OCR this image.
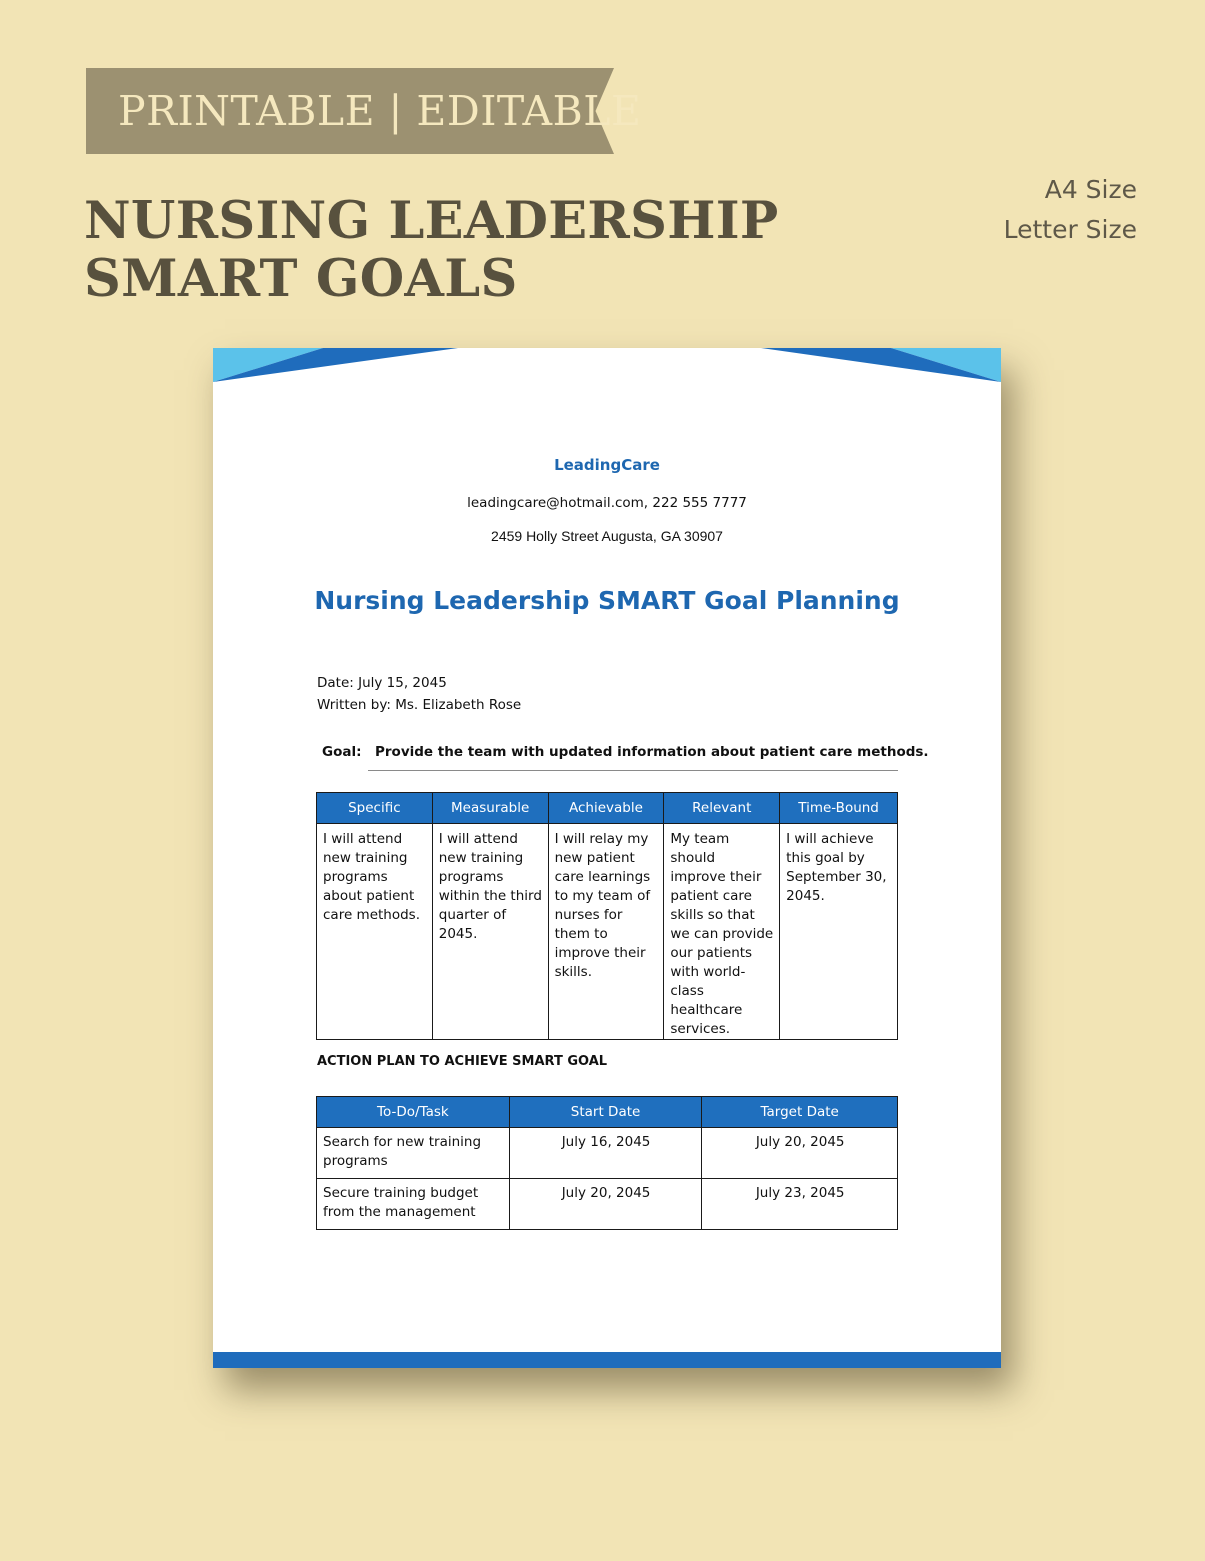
PRINTABLE | EDITABLE
NURSING LEADERSHIP
SMART GOALS
A4 Size
Letter Size
LeadingCare
leadingcare@hotmail.com, 222 555 7777
2459 Holly Street Augusta, GA 30907
Nursing Leadership SMART Goal Planning
Date: July 15, 2045
Written by: Ms. Elizabeth Rose
Goal: Provide the team with updated information about patient care methods.
Specific	Measurable	Achievable	Relevant	Time-Bound
I will attend new training programs about patient care methods.	I will attend new training programs within the third quarter of 2045.	I will relay my new patient care learnings to my team of nurses for them to improve their skills.	My team should improve their patient care skills so that we can provide our patients with world-class healthcare services.	I will achieve this goal by September 30, 2045.
ACTION PLAN TO ACHIEVE SMART GOAL
To-Do/Task	Start Date	Target Date
Search for new training programs	July 16, 2045	July 20, 2045
Secure training budget from the management	July 20, 2045	July 23, 2045
